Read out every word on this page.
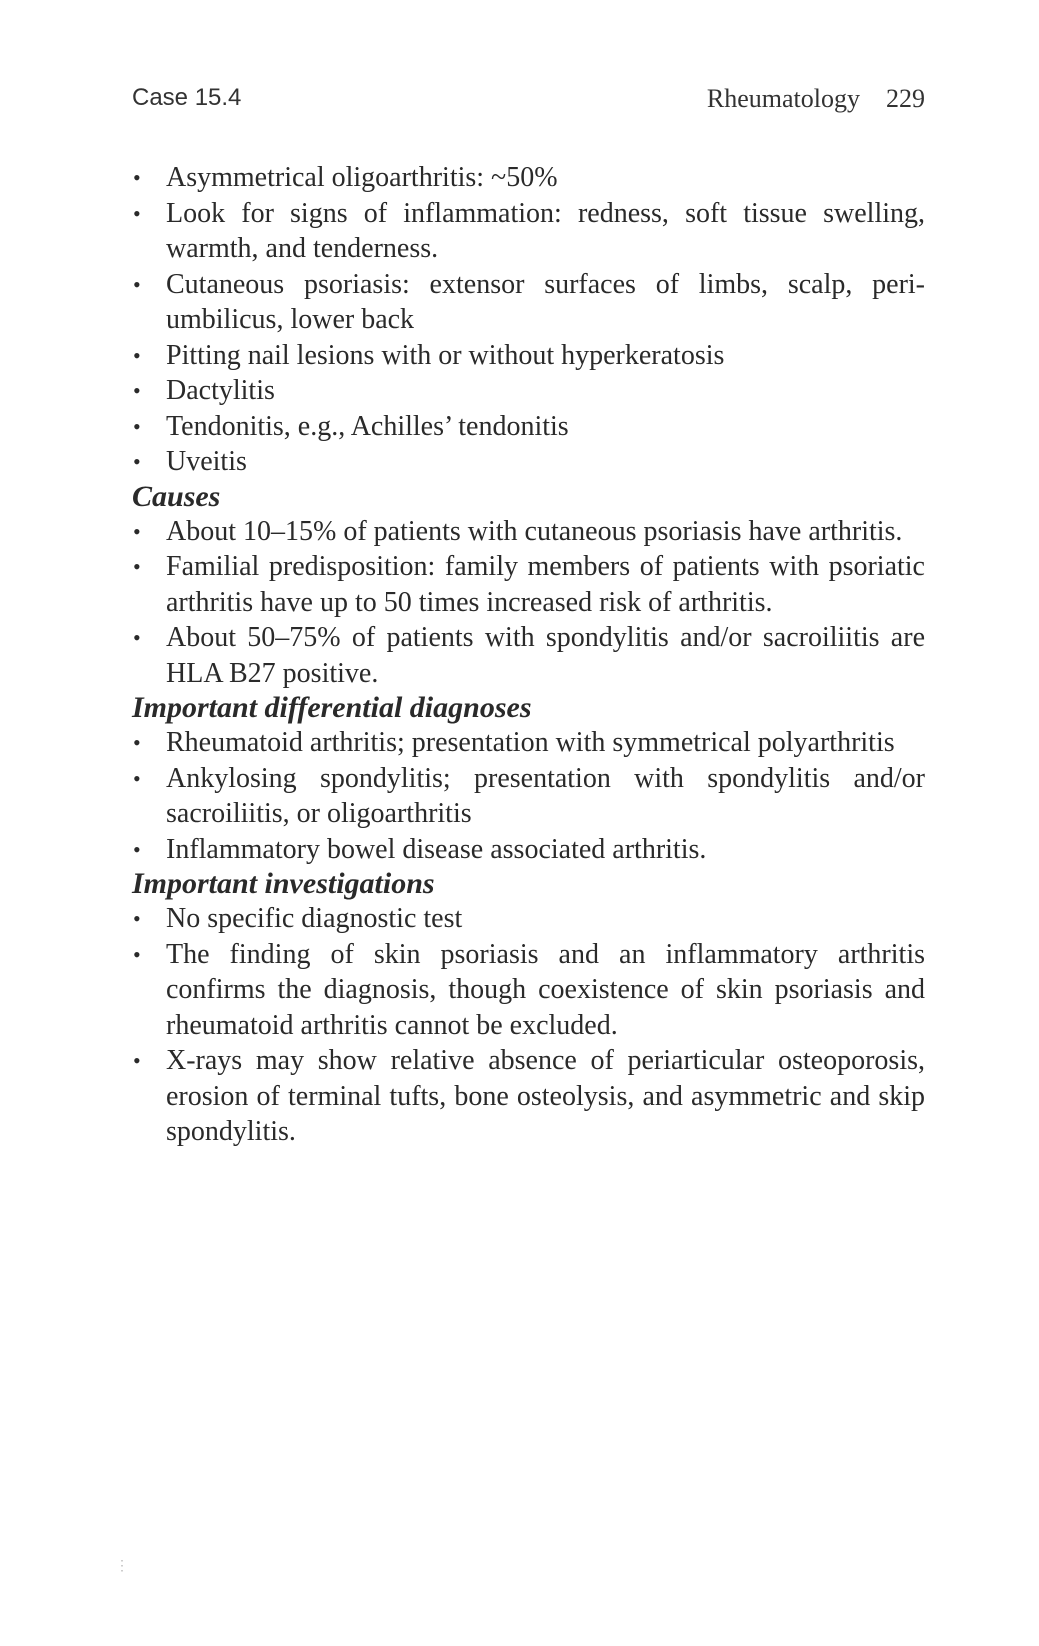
Case 15.4	Rheumatology 229
• Asymmetrical oligoarthritis: ~50%
• Look for signs of inflammation: redness, soft tissue swelling, warmth, and tenderness.
• Cutaneous psoriasis: extensor surfaces of limbs, scalp, peri-umbilicus, lower back
• Pitting nail lesions with or without hyperkeratosis
• Dactylitis
• Tendonitis, e.g., Achilles’ tendonitis
• Uveitis
Causes
• About 10–15% of patients with cutaneous psoriasis have arthritis.
• Familial predisposition: family members of patients with psoriatic arthritis have up to 50 times increased risk of arthritis.
• About 50–75% of patients with spondylitis and/or sacroiliitis are HLA B27 positive.
Important differential diagnoses
• Rheumatoid arthritis; presentation with symmetrical polyarthritis
• Ankylosing spondylitis; presentation with spondylitis and/or sacroiliitis, or oligoarthritis
• Inflammatory bowel disease associated arthritis.
Important investigations
• No specific diagnostic test
• The finding of skin psoriasis and an inflammatory arthritis confirms the diagnosis, though coexistence of skin psoriasis and rheumatoid arthritis cannot be excluded.
• X-rays may show relative absence of periarticular osteoporosis, erosion of terminal tufts, bone osteolysis, and asymmetric and skip spondylitis.
⋮
